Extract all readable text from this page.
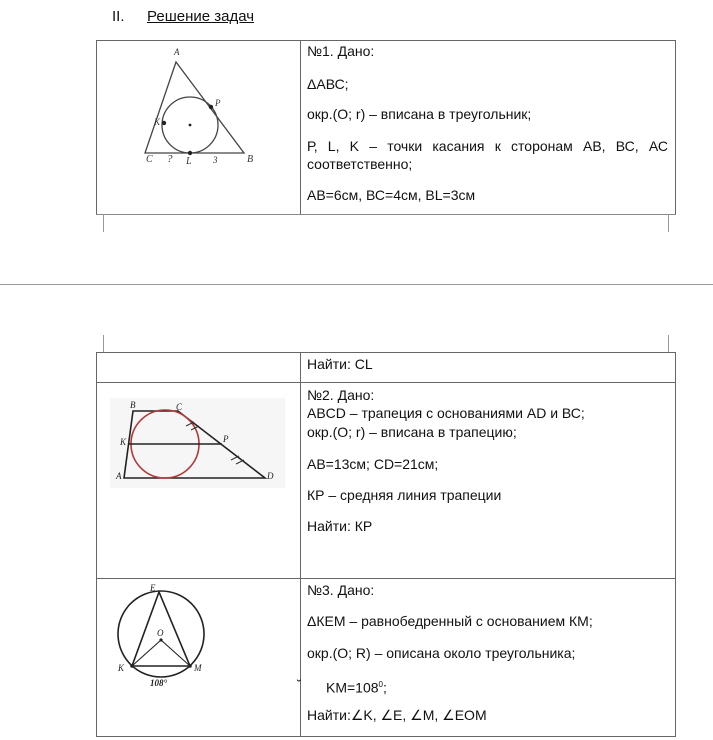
II. Решение задач
A
P
K
C ? L 3	B
№1. Дано:
ΔАВС;
окр.(О; r) – вписана в треугольник;
Р, L, K – точки касания к сторонам АВ, ВС, АС соответственно;
АВ=6см, ВС=4см, BL=3см
Найти: CL
B	C
K	P
A	D
№2. Дано:
ABCD – трапеция с основаниями AD и ВС;
окр.(О; r) – вписана в трапецию;
АВ=13см; CD=21см;
КР – средняя линия трапеции
Найти: КР
E
O
K	M
108°
№3. Дано:
ΔКЕМ – равнобедренный с основанием КМ;
окр.(О; R) – описана около треугольника;
˘ $KM=108^0$;
Найти:∠K, ∠E, ∠M, ∠EOM
